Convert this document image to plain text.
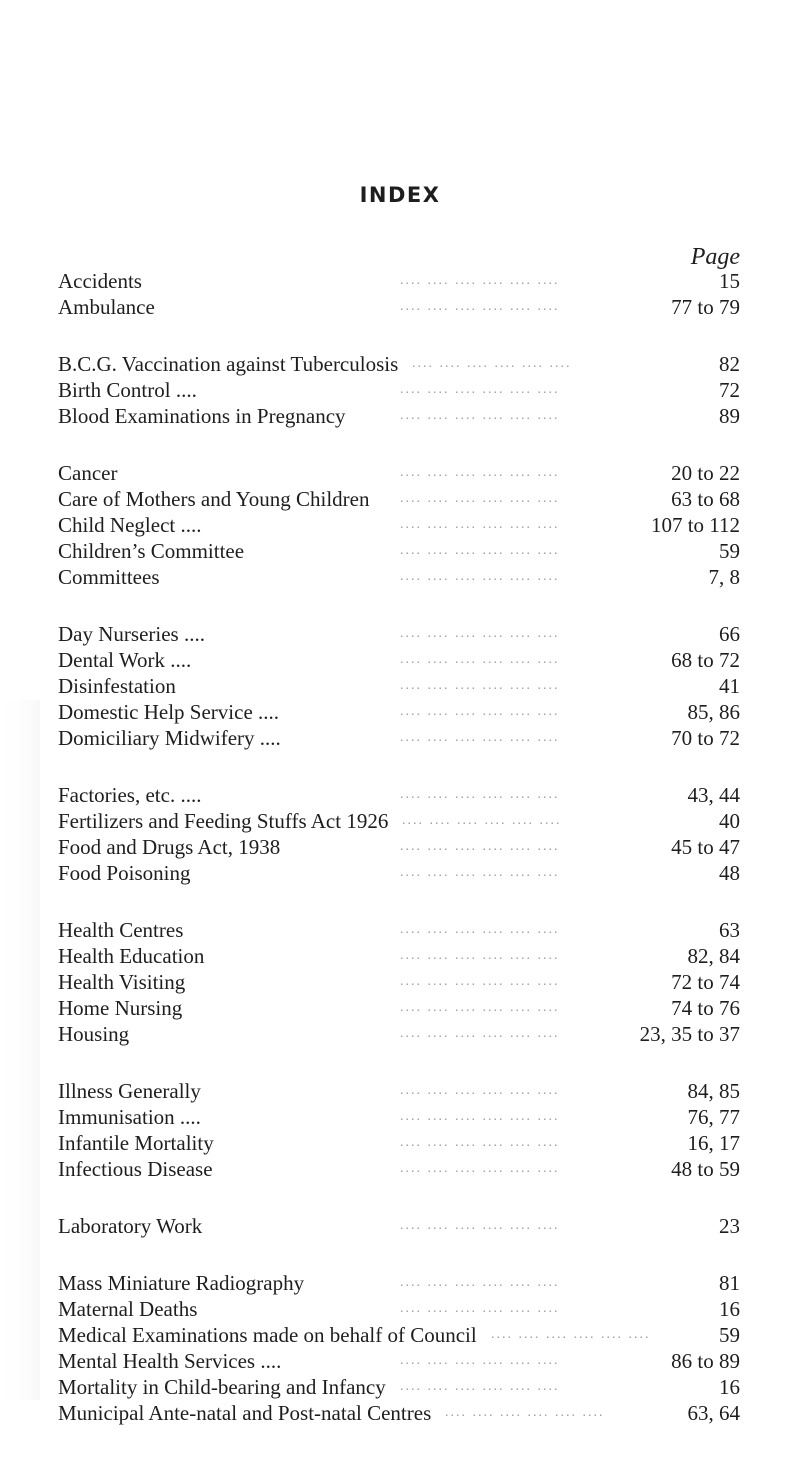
INDEX
Page
.... .... .... .... .... ....
Accidents	15
.... .... .... .... .... ....
Ambulance	77 to 79
.... .... .... .... .... ....
B.C.G. Vaccination against Tuberculosis	82
.... .... .... .... .... ....
Birth Control ....	72
.... .... .... .... .... ....
Blood Examinations in Pregnancy	89
.... .... .... .... .... ....
Cancer	20 to 22
.... .... .... .... .... ....
Care of Mothers and Young Children	63 to 68
.... .... .... .... .... ....
Child Neglect ....	107 to 112
.... .... .... .... .... ....
Children’s Committee	59
.... .... .... .... .... ....
Committees	7, 8
.... .... .... .... .... ....
Day Nurseries ....	66
.... .... .... .... .... ....
Dental Work ....	68 to 72
.... .... .... .... .... ....
Disinfestation	41
.... .... .... .... .... ....
Domestic Help Service ....	85, 86
.... .... .... .... .... ....
Domiciliary Midwifery ....	70 to 72
.... .... .... .... .... ....
Factories, etc. ....	43, 44
.... .... .... .... .... ....
Fertilizers and Feeding Stuffs Act 1926	40
.... .... .... .... .... ....
Food and Drugs Act, 1938	45 to 47
.... .... .... .... .... ....
Food Poisoning	48
.... .... .... .... .... ....
Health Centres	63
.... .... .... .... .... ....
Health Education	82, 84
.... .... .... .... .... ....
Health Visiting	72 to 74
.... .... .... .... .... ....
Home Nursing	74 to 76
.... .... .... .... .... ....
Housing	23, 35 to 37
.... .... .... .... .... ....
Illness Generally	84, 85
.... .... .... .... .... ....
Immunisation ....	76, 77
.... .... .... .... .... ....
Infantile Mortality	16, 17
.... .... .... .... .... ....
Infectious Disease	48 to 59
.... .... .... .... .... ....
Laboratory Work	23
.... .... .... .... .... ....
Mass Miniature Radiography	81
.... .... .... .... .... ....
Maternal Deaths	16
.... .... .... .... .... ....
Medical Examinations made on behalf of Council	59
.... .... .... .... .... ....
Mental Health Services ....	86 to 89
.... .... .... .... .... ....
Mortality in Child-bearing and Infancy	16
.... .... .... .... .... ....
Municipal Ante-natal and Post-natal Centres	63, 64
